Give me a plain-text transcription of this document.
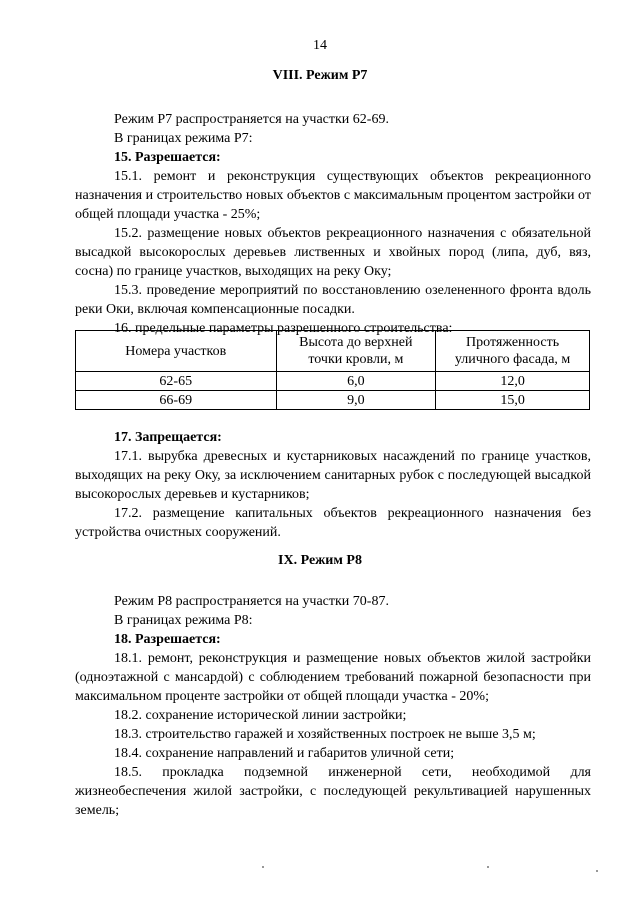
14
VIII. Режим Р7

Режим Р7 распространяется на участки 62-69.

В границах режима Р7:

15. Разрешается:

15.1. ремонт и реконструкция существующих объектов рекреационного назначения и строительство новых объектов с максимальным процентом застройки от общей площади участка - 25%;

15.2. размещение новых объектов рекреационного назначения с обязательной высадкой высокорослых деревьев лиственных и хвойных пород (липа, дуб, вяз, сосна) по границе участков, выходящих на реку Оку;

15.3. проведение мероприятий по восстановлению озелененного фронта вдоль реки Оки, включая компенсационные посадки.

16. предельные параметры разрешенного строительства:

Номера участков	Высота до верхней точки кровли, м	Протяженность уличного фасада, м
62-65	6,0	12,0
66-69	9,0	15,0

17. Запрещается:

17.1. вырубка древесных и кустарниковых насаждений по границе участков, выходящих на реку Оку, за исключением санитарных рубок с последующей высадкой высокорослых деревьев и кустарников;

17.2. размещение капитальных объектов рекреационного назначения без устройства очистных сооружений.

IX. Режим Р8

Режим Р8 распространяется на участки 70-87.

В границах режима Р8:

18. Разрешается:

18.1. ремонт, реконструкция и размещение новых объектов жилой застройки (одноэтажной с мансардой) с соблюдением требований пожарной безопасности при максимальном проценте застройки от общей площади участка - 20%;

18.2. сохранение исторической линии застройки;

18.3. строительство гаражей и хозяйственных построек не выше 3,5 м;

18.4. сохранение направлений и габаритов уличной сети;

18.5. прокладка подземной инженерной сети, необходимой для жизнеобеспечения жилой застройки, с последующей рекультивацией нарушенных земель;
